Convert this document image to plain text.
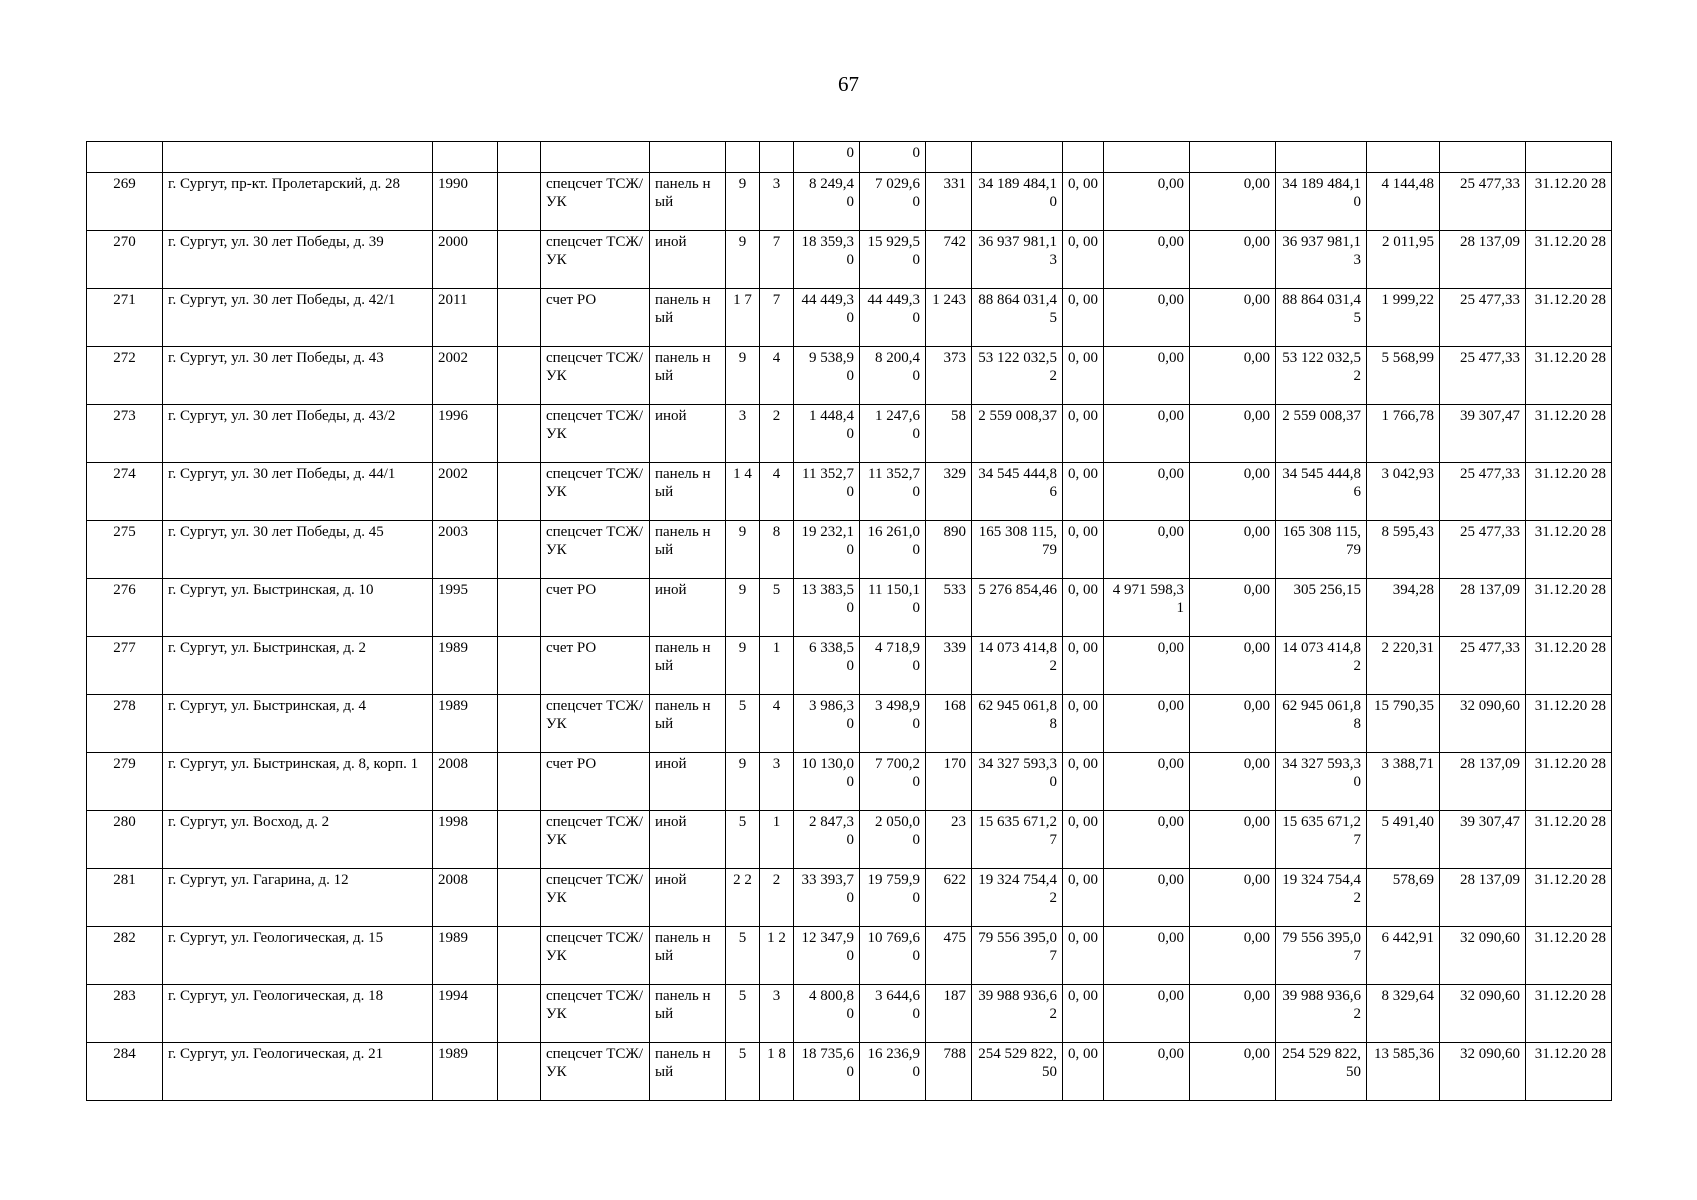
67
								0	0									
269	г. Сургут, пр-кт. Пролетарский, д. 28	1990		спецсчет ТСЖ/УК	панель ный	9	3	8 249,4 0	7 029,6 0	331	34 189 484,10	0, 00	0,00	0,00	34 189 484,10	4 144,48	25 477,33	31.12.20 28
270	г. Сургут, ул. 30 лет Победы, д. 39	2000		спецсчет ТСЖ/УК	иной	9	7	18 359,3 0	15 929,5 0	742	36 937 981,13	0, 00	0,00	0,00	36 937 981,13	2 011,95	28 137,09	31.12.20 28
271	г. Сургут, ул. 30 лет Победы, д. 42/1	2011		счет РО	панель ный	1 7	7	44 449,3 0	44 449,3 0	1 243	88 864 031,45	0, 00	0,00	0,00	88 864 031,45	1 999,22	25 477,33	31.12.20 28
272	г. Сургут, ул. 30 лет Победы, д. 43	2002		спецсчет ТСЖ/УК	панель ный	9	4	9 538,9 0	8 200,4 0	373	53 122 032,52	0, 00	0,00	0,00	53 122 032,52	5 568,99	25 477,33	31.12.20 28
273	г. Сургут, ул. 30 лет Победы, д. 43/2	1996		спецсчет ТСЖ/УК	иной	3	2	1 448,4 0	1 247,6 0	58	2 559 008,37	0, 00	0,00	0,00	2 559 008,37	1 766,78	39 307,47	31.12.20 28
274	г. Сургут, ул. 30 лет Победы, д. 44/1	2002		спецсчет ТСЖ/УК	панель ный	1 4	4	11 352,7 0	11 352,7 0	329	34 545 444,86	0, 00	0,00	0,00	34 545 444,86	3 042,93	25 477,33	31.12.20 28
275	г. Сургут, ул. 30 лет Победы, д. 45	2003		спецсчет ТСЖ/УК	панель ный	9	8	19 232,1 0	16 261,0 0	890	165 308 115,79	0, 00	0,00	0,00	165 308 115,79	8 595,43	25 477,33	31.12.20 28
276	г. Сургут, ул. Быстринская, д. 10	1995		счет РО	иной	9	5	13 383,5 0	11 150,1 0	533	5 276 854,46	0, 00	4 971 598,31	0,00	305 256,15	394,28	28 137,09	31.12.20 28
277	г. Сургут, ул. Быстринская, д. 2	1989		счет РО	панель ный	9	1	6 338,5 0	4 718,9 0	339	14 073 414,82	0, 00	0,00	0,00	14 073 414,82	2 220,31	25 477,33	31.12.20 28
278	г. Сургут, ул. Быстринская, д. 4	1989		спецсчет ТСЖ/УК	панель ный	5	4	3 986,3 0	3 498,9 0	168	62 945 061,88	0, 00	0,00	0,00	62 945 061,88	15 790,35	32 090,60	31.12.20 28
279	г. Сургут, ул. Быстринская, д. 8, корп. 1	2008		счет РО	иной	9	3	10 130,0 0	7 700,2 0	170	34 327 593,30	0, 00	0,00	0,00	34 327 593,30	3 388,71	28 137,09	31.12.20 28
280	г. Сургут, ул. Восход, д. 2	1998		спецсчет ТСЖ/УК	иной	5	1	2 847,3 0	2 050,0 0	23	15 635 671,27	0, 00	0,00	0,00	15 635 671,27	5 491,40	39 307,47	31.12.20 28
281	г. Сургут, ул. Гагарина, д. 12	2008		спецсчет ТСЖ/УК	иной	2 2	2	33 393,7 0	19 759,9 0	622	19 324 754,42	0, 00	0,00	0,00	19 324 754,42	578,69	28 137,09	31.12.20 28
282	г. Сургут, ул. Геологическая, д. 15	1989		спецсчет ТСЖ/УК	панель ный	5	1 2	12 347,9 0	10 769,6 0	475	79 556 395,07	0, 00	0,00	0,00	79 556 395,07	6 442,91	32 090,60	31.12.20 28
283	г. Сургут, ул. Геологическая, д. 18	1994		спецсчет ТСЖ/УК	панель ный	5	3	4 800,8 0	3 644,6 0	187	39 988 936,62	0, 00	0,00	0,00	39 988 936,62	8 329,64	32 090,60	31.12.20 28
284	г. Сургут, ул. Геологическая, д. 21	1989		спецсчет ТСЖ/УК	панель ный	5	1 8	18 735,6 0	16 236,9 0	788	254 529 822,50	0, 00	0,00	0,00	254 529 822,50	13 585,36	32 090,60	31.12.20 28
